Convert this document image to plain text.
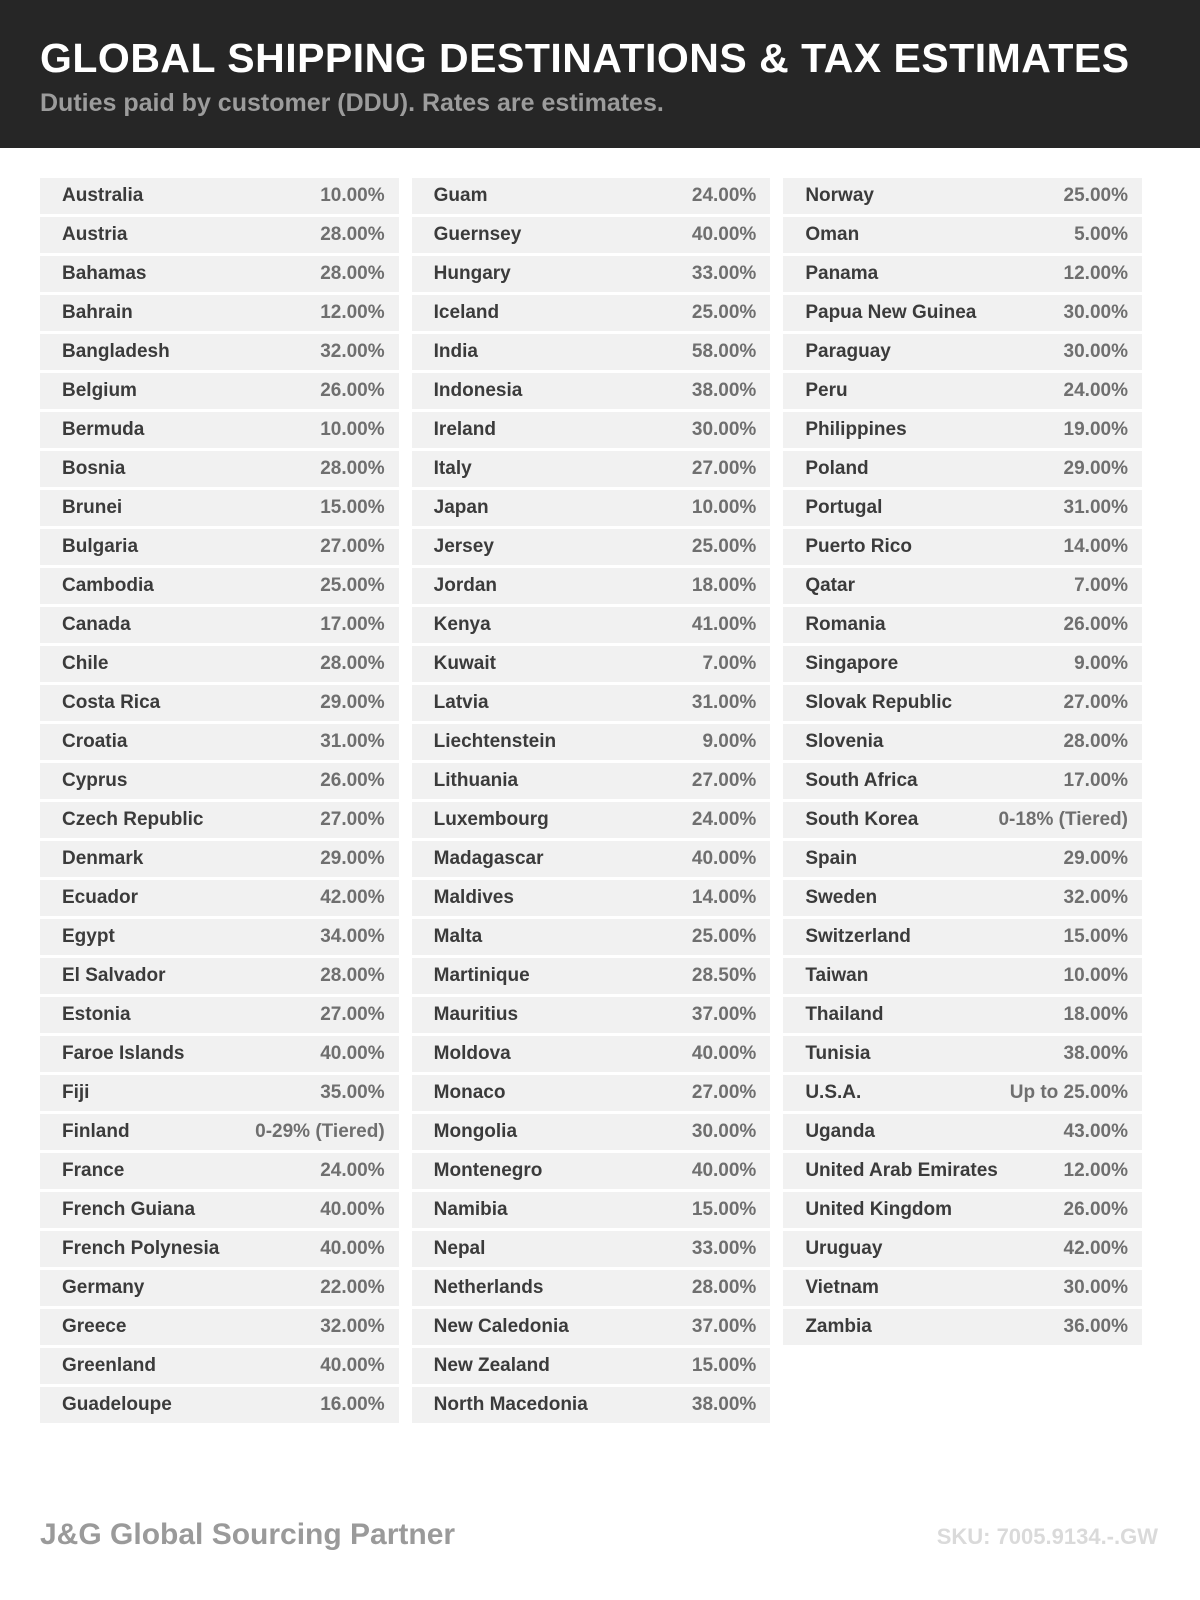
GLOBAL SHIPPING DESTINATIONS & TAX ESTIMATES
Duties paid by customer (DDU). Rates are estimates.
Australia	10.00%
Austria	28.00%
Bahamas	28.00%
Bahrain	12.00%
Bangladesh	32.00%
Belgium	26.00%
Bermuda	10.00%
Bosnia	28.00%
Brunei	15.00%
Bulgaria	27.00%
Cambodia	25.00%
Canada	17.00%
Chile	28.00%
Costa Rica	29.00%
Croatia	31.00%
Cyprus	26.00%
Czech Republic	27.00%
Denmark	29.00%
Ecuador	42.00%
Egypt	34.00%
El Salvador	28.00%
Estonia	27.00%
Faroe Islands	40.00%
Fiji	35.00%
Finland	0-29% (Tiered)
France	24.00%
French Guiana	40.00%
French Polynesia	40.00%
Germany	22.00%
Greece	32.00%
Greenland	40.00%
Guadeloupe	16.00%
Guam	24.00%
Guernsey	40.00%
Hungary	33.00%
Iceland	25.00%
India	58.00%
Indonesia	38.00%
Ireland	30.00%
Italy	27.00%
Japan	10.00%
Jersey	25.00%
Jordan	18.00%
Kenya	41.00%
Kuwait	7.00%
Latvia	31.00%
Liechtenstein	9.00%
Lithuania	27.00%
Luxembourg	24.00%
Madagascar	40.00%
Maldives	14.00%
Malta	25.00%
Martinique	28.50%
Mauritius	37.00%
Moldova	40.00%
Monaco	27.00%
Mongolia	30.00%
Montenegro	40.00%
Namibia	15.00%
Nepal	33.00%
Netherlands	28.00%
New Caledonia	37.00%
New Zealand	15.00%
North Macedonia	38.00%
Norway	25.00%
Oman	5.00%
Panama	12.00%
Papua New Guinea	30.00%
Paraguay	30.00%
Peru	24.00%
Philippines	19.00%
Poland	29.00%
Portugal	31.00%
Puerto Rico	14.00%
Qatar	7.00%
Romania	26.00%
Singapore	9.00%
Slovak Republic	27.00%
Slovenia	28.00%
South Africa	17.00%
South Korea	0-18% (Tiered)
Spain	29.00%
Sweden	32.00%
Switzerland	15.00%
Taiwan	10.00%
Thailand	18.00%
Tunisia	38.00%
U.S.A.	Up to 25.00%
Uganda	43.00%
United Arab Emirates	12.00%
United Kingdom	26.00%
Uruguay	42.00%
Vietnam	30.00%
Zambia	36.00%
J&G Global Sourcing Partner	SKU: 7005.9134.-.GW
